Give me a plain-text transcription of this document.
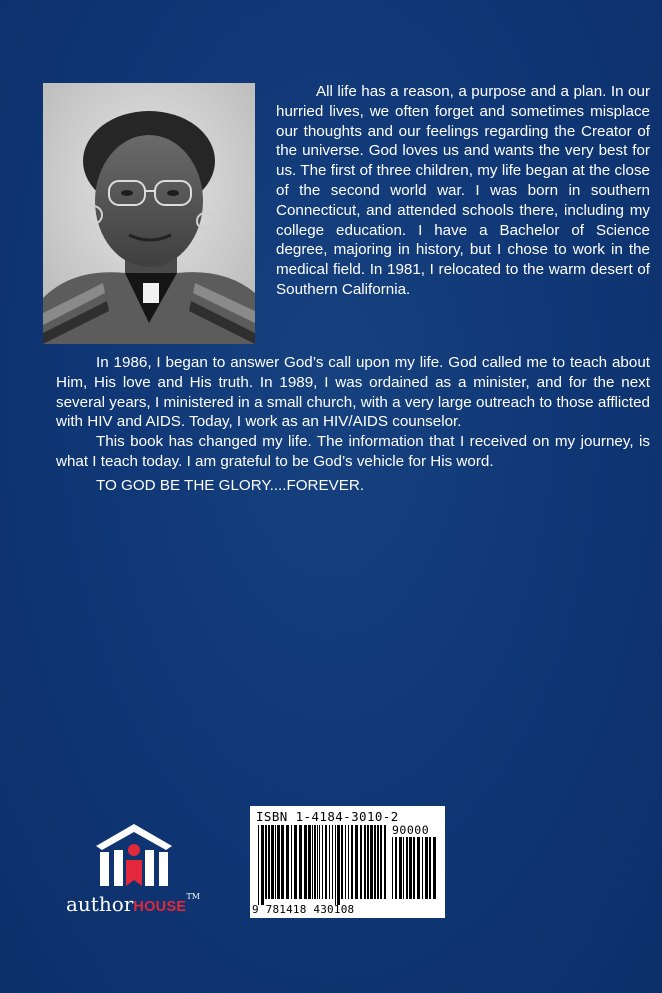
All life has a reason, a purpose and a plan. In our hurried lives, we often forget and sometimes misplace our thoughts and our feelings regarding the Creator of the universe. God loves us and wants the very best for us. The first of three children, my life began at the close of the second world war. I was born in southern Connecticut, and attended schools there, including my college education. I have a Bachelor of Science degree, majoring in history, but I chose to work in the medical field. In 1981, I relocated to the warm desert of Southern California.

In 1986, I began to answer God’s call upon my life. God called me to teach about Him, His love and His truth. In 1989, I was ordained as a minister, and for the next several years, I ministered in a small church, with a very large outreach to those afflicted with HIV and AIDS. Today, I work as an HIV/AIDS counselor.

This book has changed my life. The information that I received on my journey, is what I teach today. I am grateful to be God’s vehicle for His word.

TO GOD BE THE GLORY....FOREVER.

authorHOUSE™
ISBN 1-4184-3010-2
90000
9 781418 430108
